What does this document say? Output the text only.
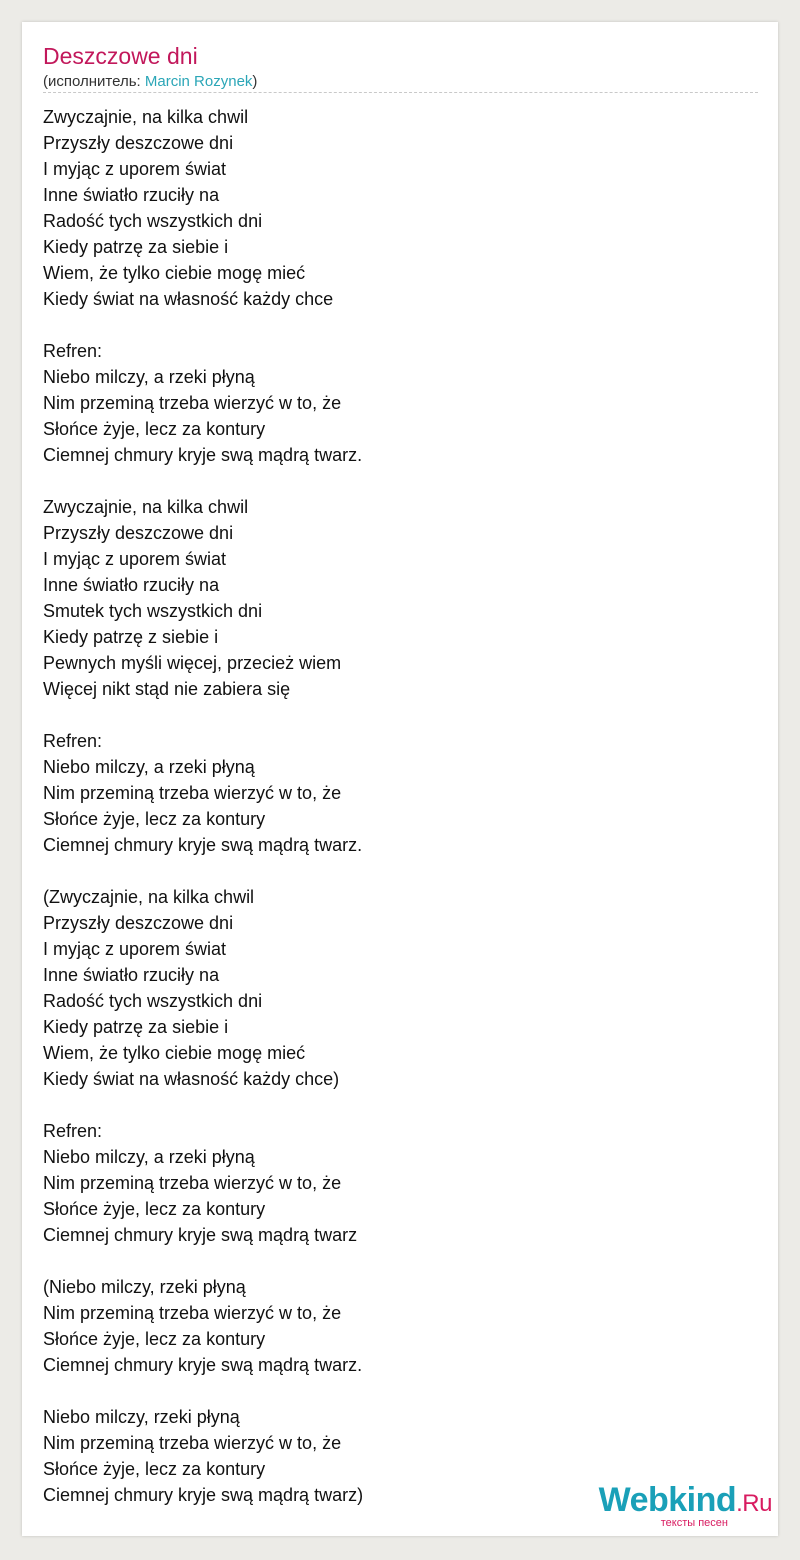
Deszczowe dni
(исполнитель: Marcin Rozynek)
Zwyczajnie, na kilka chwil
Przyszły deszczowe dni
I myjąc z uporem świat
Inne światło rzuciły na
Radość tych wszystkich dni
Kiedy patrzę za siebie i
Wiem, że tylko ciebie mogę mieć
Kiedy świat na własność każdy chce
Refren:
Niebo milczy, a rzeki płyną
Nim przeminą trzeba wierzyć w to, że
Słońce żyje, lecz za kontury
Ciemnej chmury kryje swą mądrą twarz.
Zwyczajnie, na kilka chwil
Przyszły deszczowe dni
I myjąc z uporem świat
Inne światło rzuciły na
Smutek tych wszystkich dni
Kiedy patrzę z siebie i
Pewnych myśli więcej, przecież wiem
Więcej nikt stąd nie zabiera się
Refren:
Niebo milczy, a rzeki płyną
Nim przeminą trzeba wierzyć w to, że
Słońce żyje, lecz za kontury
Ciemnej chmury kryje swą mądrą twarz.
(Zwyczajnie, na kilka chwil
Przyszły deszczowe dni
I myjąc z uporem świat
Inne światło rzuciły na
Radość tych wszystkich dni
Kiedy patrzę za siebie i
Wiem, że tylko ciebie mogę mieć
Kiedy świat na własność każdy chce)
Refren:
Niebo milczy, a rzeki płyną
Nim przeminą trzeba wierzyć w to, że
Słońce żyje, lecz za kontury
Ciemnej chmury kryje swą mądrą twarz
(Niebo milczy, rzeki płyną
Nim przeminą trzeba wierzyć w to, że
Słońce żyje, lecz za kontury
Ciemnej chmury kryje swą mądrą twarz.
Niebo milczy, rzeki płyną
Nim przeminą trzeba wierzyć w to, że
Słońce żyje, lecz za kontury
Ciemnej chmury kryje swą mądrą twarz)	Webkind.Ru
тексты песен
